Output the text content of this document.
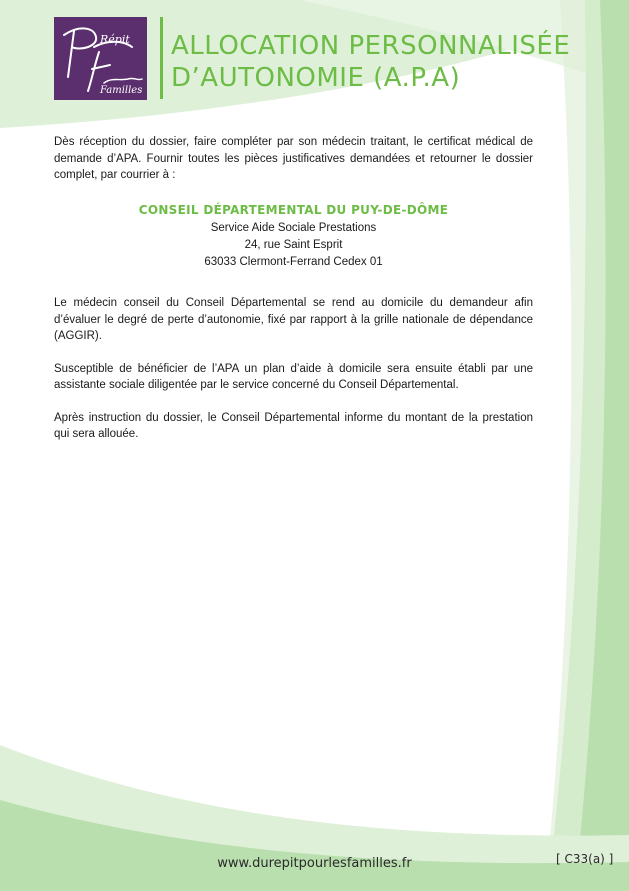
Répit
Familles
ALLOCATION PERSONNALISÉE
D’AUTONOMIE (A.P.A)

Dès réception du dossier, faire compléter par son médecin traitant, le certificat médical de demande d’APA. Fournir toutes les pièces justificatives demandées et retourner le dossier complet, par courrier à :

CONSEIL DÉPARTEMENTAL DU PUY-DE-DÔME
Service Aide Sociale Prestations
24, rue Saint Esprit
63033 Clermont-Ferrand Cedex 01

Le médecin conseil du Conseil Départemental se rend au domicile du demandeur afin d’évaluer le degré de perte d’autonomie, fixé par rapport à la grille nationale de dépendance (AGGIR).

Susceptible de bénéficier de l’APA un plan d’aide à domicile sera ensuite établi par une assistante sociale diligentée par le service concerné du Conseil Départemental.

Après instruction du dossier, le Conseil Départemental informe du montant de la prestation qui sera allouée.

www.durepitpourlesfamilles.fr	[ C33(a) ]
